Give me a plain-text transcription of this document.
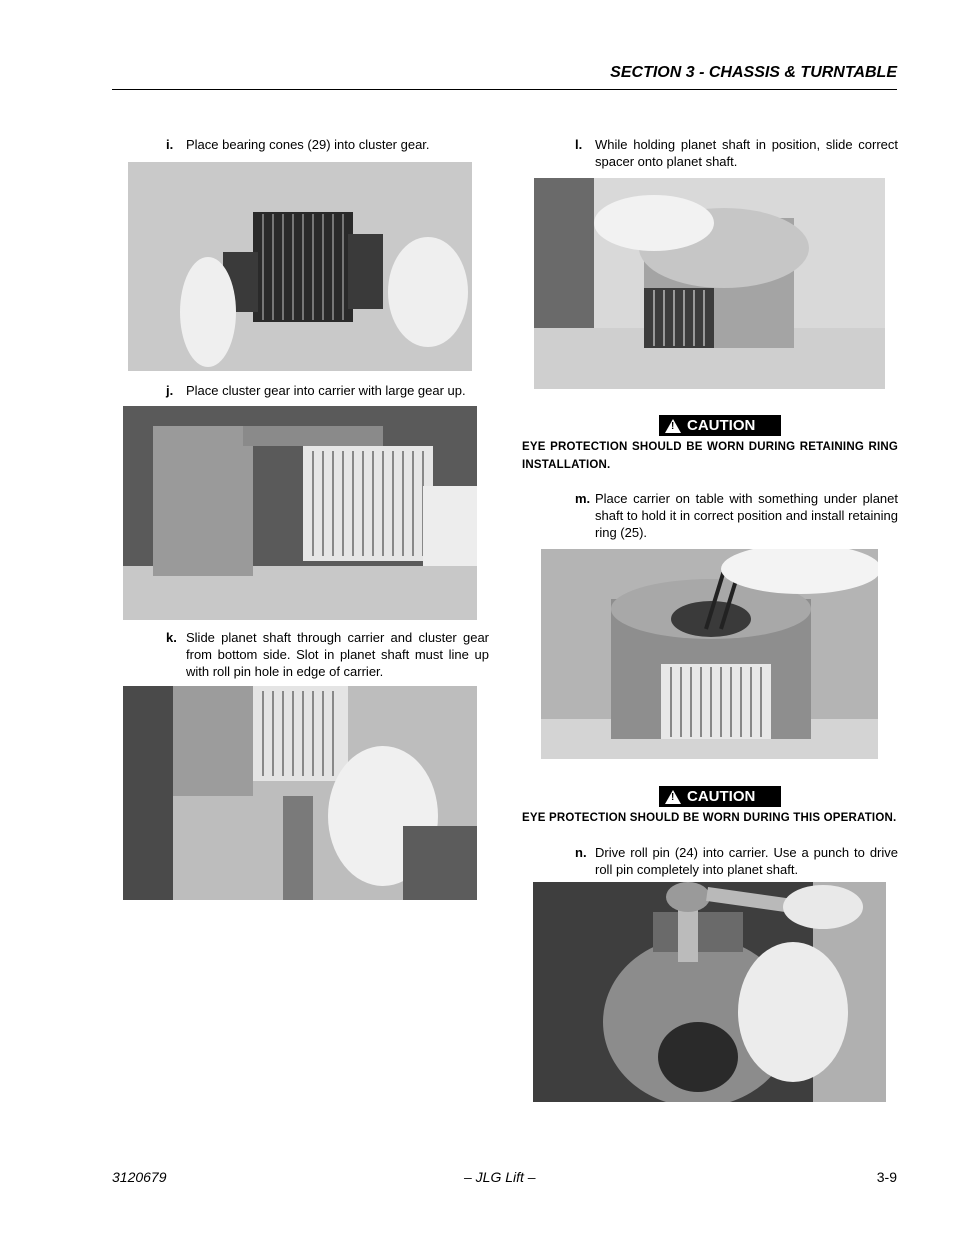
SECTION 3 - CHASSIS & TURNTABLE
i. Place bearing cones (29) into cluster gear.
j. Place cluster gear into carrier with large gear up.
k. Slide planet shaft through carrier and cluster gear from bottom side. Slot in planet shaft must line up with roll pin hole in edge of carrier.
l. While holding planet shaft in position, slide correct spacer onto planet shaft.
! CAUTION
EYE PROTECTION SHOULD BE WORN DURING RETAINING RING INSTALLATION.
m. Place carrier on table with something under planet shaft to hold it in correct position and install retaining ring (25).
! CAUTION
EYE PROTECTION SHOULD BE WORN DURING THIS OPERATION.
n. Drive roll pin (24) into carrier. Use a punch to drive roll pin completely into planet shaft.
3120679	– JLG Lift –	3-9
